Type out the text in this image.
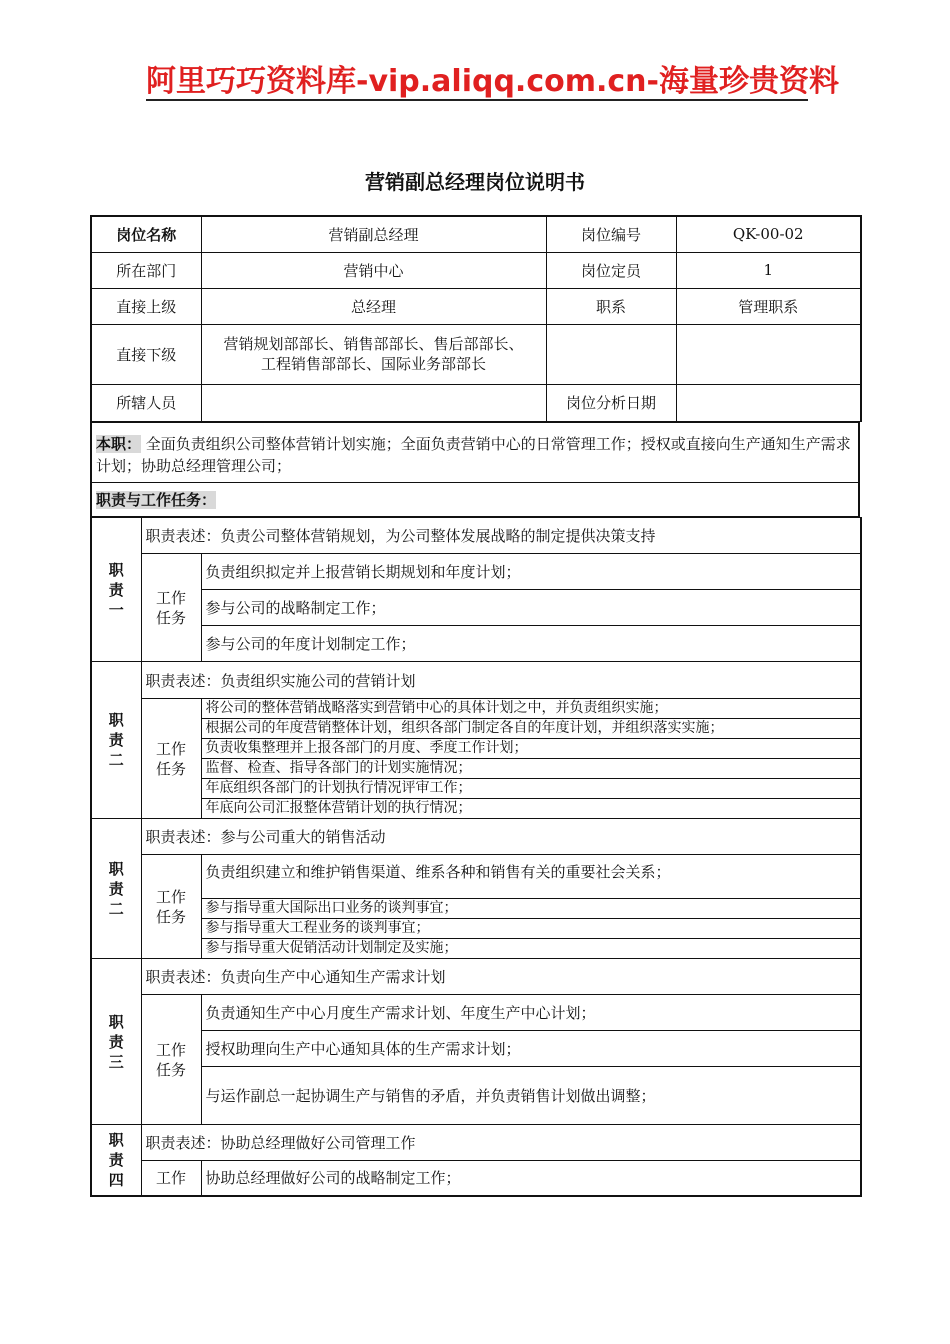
阿里巧巧资料库-vip.aliqq.com.cn-海量珍贵资料
营销副总经理岗位说明书
岗位名称	营销副总经理	岗位编号	QK-00-02
所在部门	营销中心	岗位定员	1
直接上级	总经理	职系	管理职系
直接下级	营销规划部部长、销售部部长、售后部部长、
工程销售部部长、国际业务部部长		

所辖人员		岗位分析日期	
本职： 全面负责组织公司整体营销计划实施；全面负责营销中心的日常管理工作；授权或直接向生产通知生产需求计划；协助总经理管理公司；
职责与工作任务：
职
责
一	职责表述：负责公司整体营销规划，为公司整体发展战略的制定提供决策支持	

	工作
任务	负责组织拟定并上报营销长期规划和年度计划；
		参与公司的战略制定工作；
		参与公司的年度计划制定工作；
职
责
二	职责表述：负责组织实施公司的营销计划	

	工作
任务	将公司的整体营销战略落实到营销中心的具体计划之中，并负责组织实施；
		根据公司的年度营销整体计划，组织各部门制定各自的年度计划，并组织落实实施；
		负责收集整理并上报各部门的月度、季度工作计划；
		监督、检查、指导各部门的计划实施情况；
		年底组织各部门的计划执行情况评审工作；
		年底向公司汇报整体营销计划的执行情况；
职
责
二	职责表述：参与公司重大的销售活动	

	工作
任务	负责组织建立和维护销售渠道、维系各种和销售有关的重要社会关系；
		参与指导重大国际出口业务的谈判事宜；
		参与指导重大工程业务的谈判事宜；
		参与指导重大促销活动计划制定及实施；
职
责
三	职责表述：负责向生产中心通知生产需求计划	

	工作
任务	负责通知生产中心月度生产需求计划、年度生产中心计划；
		授权助理向生产中心通知具体的生产需求计划；
		与运作副总一起协调生产与销售的矛盾，并负责销售计划做出调整；
职
责
四	职责表述：协助总经理做好公司管理工作	
	工作	协助总经理做好公司的战略制定工作；
